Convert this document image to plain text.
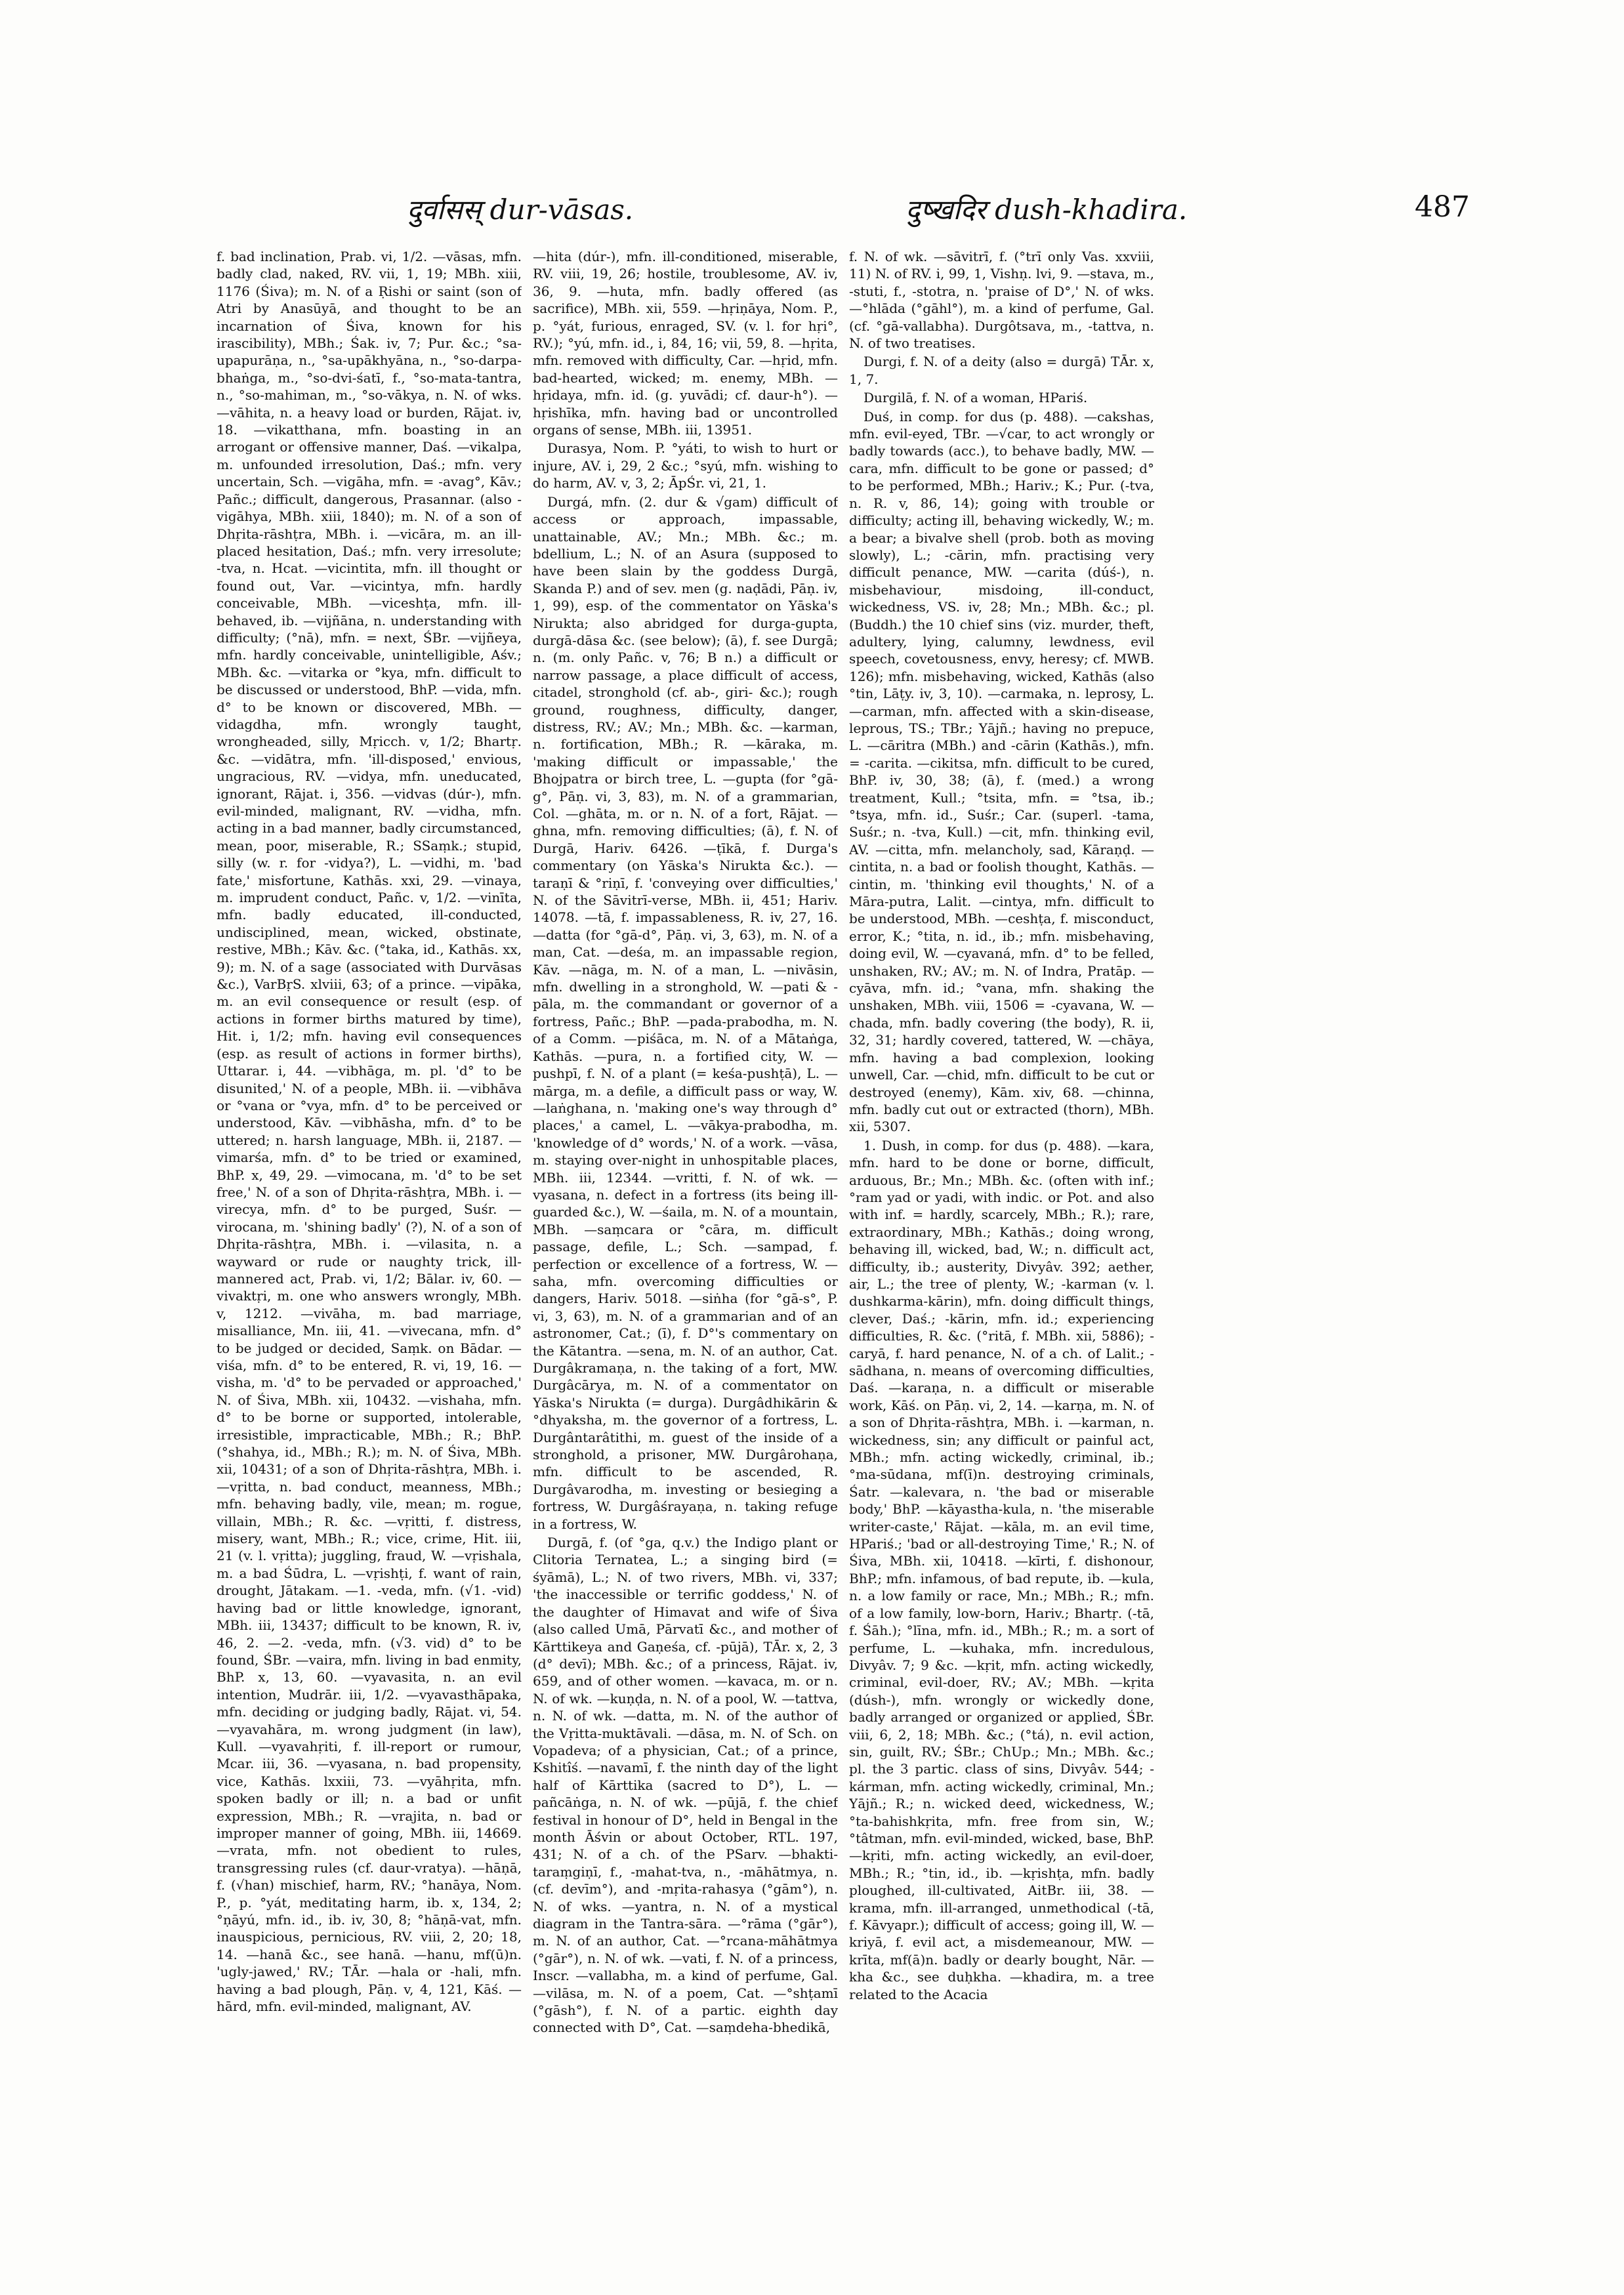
दुर्वासस् dur-vāsas.	दुष्खदिर dush-khadira.	487

f. bad inclination, Prab. vi, 1/2. —vāsas, mfn. badly clad, naked, RV. vii, 1, 19; MBh. xiii, 1176 (Śiva); m. N. of a Ṛishi or saint (son of Atri by Anasūyā, and thought to be an incarnation of Śiva, known for his irascibility), MBh.; Śak. iv, 7; Pur. &c.; °sa-upapurāṇa, n., °sa-upākhyāna, n., °so-darpa-bhaṅga, m., °so-dvi-śatī, f., °so-mata-tantra, n., °so-mahiman, m., °so-vākya, n. N. of wks. —vāhita, n. a heavy load or burden, Rājat. iv, 18. —vikatthana, mfn. boasting in an arrogant or offensive manner, Daś. —vikalpa, m. unfounded irresolution, Daś.; mfn. very uncertain, Sch. —vigāha, mfn. = -avag°, Kāv.; Pañc.; difficult, dangerous, Prasannar. (also -vigāhya, MBh. xiii, 1840); m. N. of a son of Dhṛita-rāshṭra, MBh. i. —vicāra, m. an ill-placed hesitation, Daś.; mfn. very irresolute; -tva, n. Hcat. —vicintita, mfn. ill thought or found out, Var. —vicintya, mfn. hardly conceivable, MBh. —viceshṭa, mfn. ill-behaved, ib. —vijñāna, n. understanding with difficulty; (°nā), mfn. = next, ŚBr. —vijñeya, mfn. hardly conceivable, unintelligible, Aśv.; MBh. &c. —vitarka or °kya, mfn. difficult to be discussed or understood, BhP. —vida, mfn. d° to be known or discovered, MBh. —vidagdha, mfn. wrongly taught, wrongheaded, silly, Mṛicch. v, 1/2; Bhartṛ. &c. —vidātra, mfn. 'ill-disposed,' envious, ungracious, RV. —vidya, mfn. uneducated, ignorant, Rājat. i, 356. —vidvas (dúr-), mfn. evil-minded, malignant, RV. —vidha, mfn. acting in a bad manner, badly circumstanced, mean, poor, miserable, R.; SSaṃk.; stupid, silly (w. r. for -vidya?), L. —vidhi, m. 'bad fate,' misfortune, Kathās. xxi, 29. —vinaya, m. imprudent conduct, Pañc. v, 1/2. —vinīta, mfn. badly educated, ill-conducted, undisciplined, mean, wicked, obstinate, restive, MBh.; Kāv. &c. (°taka, id., Kathās. xx, 9); m. N. of a sage (associated with Durvāsas &c.), VarBṛS. xlviii, 63; of a prince. —vipāka, m. an evil consequence or result (esp. of actions in former births matured by time), Hit. i, 1/2; mfn. having evil consequences (esp. as result of actions in former births), Uttarar. i, 44. —vibhāga, m. pl. 'd° to be disunited,' N. of a people, MBh. ii. —vibhāva or °vana or °vya, mfn. d° to be perceived or understood, Kāv. —vibhāsha, mfn. d° to be uttered; n. harsh language, MBh. ii, 2187. —vimarśa, mfn. d° to be tried or examined, BhP. x, 49, 29. —vimocana, m. 'd° to be set free,' N. of a son of Dhṛita-rāshṭra, MBh. i. —virecya, mfn. d° to be purged, Suśr. —virocana, m. 'shining badly' (?), N. of a son of Dhṛita-rāshṭra, MBh. i. —vilasita, n. a wayward or rude or naughty trick, ill-mannered act, Prab. vi, 1/2; Bālar. iv, 60. —vivaktṛi, m. one who answers wrongly, MBh. v, 1212. —vivāha, m. bad marriage, misalliance, Mn. iii, 41. —vivecana, mfn. d° to be judged or decided, Saṃk. on Bādar. —viśa, mfn. d° to be entered, R. vi, 19, 16. —visha, m. 'd° to be pervaded or approached,' N. of Śiva, MBh. xii, 10432. —vishaha, mfn. d° to be borne or supported, intolerable, irresistible, impracticable, MBh.; R.; BhP. (°shahya, id., MBh.; R.); m. N. of Śiva, MBh. xii, 10431; of a son of Dhṛita-rāshṭra, MBh. i. —vṛitta, n. bad conduct, meanness, MBh.; mfn. behaving badly, vile, mean; m. rogue, villain, MBh.; R. &c. —vṛitti, f. distress, misery, want, MBh.; R.; vice, crime, Hit. iii, 21 (v. l. vṛitta); juggling, fraud, W. —vṛishala, m. a bad Śūdra, L. —vṛishṭi, f. want of rain, drought, Jātakam. —1. -veda, mfn. (√1. -vid) having bad or little knowledge, ignorant, MBh. iii, 13437; difficult to be known, R. iv, 46, 2. —2. -veda, mfn. (√3. vid) d° to be found, ŚBr. —vaira, mfn. living in bad enmity, BhP. x, 13, 60. —vyavasita, n. an evil intention, Mudrār. iii, 1/2. —vyavasthāpaka, mfn. deciding or judging badly, Rājat. vi, 54. —vyavahāra, m. wrong judgment (in law), Kull. —vyavahṛiti, f. ill-report or rumour, Mcar. iii, 36. —vyasana, n. bad propensity, vice, Kathās. lxxiii, 73. —vyāhṛita, mfn. spoken badly or ill; n. a bad or unfit expression, MBh.; R. —vrajita, n. bad or improper manner of going, MBh. iii, 14669. —vrata, mfn. not obedient to rules, transgressing rules (cf. daur-vratya). —hāṇā, f. (√han) mischief, harm, RV.; °hanāya, Nom. P., p. °yát, meditating harm, ib. x, 134, 2; °ṇāyú, mfn. id., ib. iv, 30, 8; °hāṇā-vat, mfn. inauspicious, pernicious, RV. viii, 2, 20; 18, 14. —hanā &c., see hanā. —hanu, mf(ū)n. 'ugly-jawed,' RV.; TĀr. —hala or -hali, mfn. having a bad plough, Pāṇ. v, 4, 121, Kāś. —hārd, mfn. evil-minded, malignant, AV.

—hita (dúr-), mfn. ill-conditioned, miserable, RV. viii, 19, 26; hostile, troublesome, AV. iv, 36, 9. —huta, mfn. badly offered (as sacrifice), MBh. xii, 559. —hṛiṇāya, Nom. P., p. °yát, furious, enraged, SV. (v. l. for hṛi°, RV.); °yú, mfn. id., i, 84, 16; vii, 59, 8. —hṛita, mfn. removed with difficulty, Car. —hṛid, mfn. bad-hearted, wicked; m. enemy, MBh. —hṛidaya, mfn. id. (g. yuvādi; cf. daur-h°). —hṛishīka, mfn. having bad or uncontrolled organs of sense, MBh. iii, 13951.

Durasya, Nom. P. °yáti, to wish to hurt or injure, AV. i, 29, 2 &c.; °syú, mfn. wishing to do harm, AV. v, 3, 2; ĀpŚr. vi, 21, 1.

Durgá, mfn. (2. dur & √gam) difficult of access or approach, impassable, unattainable, AV.; Mn.; MBh. &c.; m. bdellium, L.; N. of an Asura (supposed to have been slain by the goddess Durgā, Skanda P.) and of sev. men (g. naḍādi, Pāṇ. iv, 1, 99), esp. of the commentator on Yāska's Nirukta; also abridged for durga-gupta, durgā-dāsa &c. (see below); (ā), f. see Durgā; n. (m. only Pañc. v, 76; B n.) a difficult or narrow passage, a place difficult of access, citadel, stronghold (cf. ab-, giri- &c.); rough ground, roughness, difficulty, danger, distress, RV.; AV.; Mn.; MBh. &c. —karman, n. fortification, MBh.; R. —kāraka, m. 'making difficult or impassable,' the Bhojpatra or birch tree, L. —gupta (for °gā-g°, Pāṇ. vi, 3, 83), m. N. of a grammarian, Col. —ghāta, m. or n. N. of a fort, Rājat. —ghna, mfn. removing difficulties; (ā), f. N. of Durgā, Hariv. 6426. —ṭīkā, f. Durga's commentary (on Yāska's Nirukta &c.). —taraṇī & °riṇī, f. 'conveying over difficulties,' N. of the Sāvitrī-verse, MBh. ii, 451; Hariv. 14078. —tā, f. impassableness, R. iv, 27, 16. —datta (for °gā-d°, Pāṇ. vi, 3, 63), m. N. of a man, Cat. —deśa, m. an impassable region, Kāv. —nāga, m. N. of a man, L. —nivāsin, mfn. dwelling in a stronghold, W. —pati & -pāla, m. the commandant or governor of a fortress, Pañc.; BhP. —pada-prabodha, m. N. of a Comm. —piśāca, m. N. of a Mātaṅga, Kathās. —pura, n. a fortified city, W. —pushpī, f. N. of a plant (= keśa-pushṭā), L. —mārga, m. a defile, a difficult pass or way, W. —laṅghana, n. 'making one's way through d° places,' a camel, L. —vākya-prabodha, m. 'knowledge of d° words,' N. of a work. —vāsa, m. staying over-night in unhospitable places, MBh. iii, 12344. —vritti, f. N. of wk. —vyasana, n. defect in a fortress (its being ill-guarded &c.), W. —śaila, m. N. of a mountain, MBh. —saṃcara or °cāra, m. difficult passage, defile, L.; Sch. —sampad, f. perfection or excellence of a fortress, W. —saha, mfn. overcoming difficulties or dangers, Hariv. 5018. —siṅha (for °gā-s°, P. vi, 3, 63), m. N. of a grammarian and of an astronomer, Cat.; (ī), f. D°'s commentary on the Kātantra. —sena, m. N. of an author, Cat. Durgâkramaṇa, n. the taking of a fort, MW. Durgâcārya, m. N. of a commentator on Yāska's Nirukta (= durga). Durgâdhikārin & °dhyaksha, m. the governor of a fortress, L. Durgântarâtithi, m. guest of the inside of a stronghold, a prisoner, MW. Durgârohaṇa, mfn. difficult to be ascended, R. Durgâvarodha, m. investing or besieging a fortress, W. Durgâśrayaṇa, n. taking refuge in a fortress, W.

Durgā, f. (of °ga, q.v.) the Indigo plant or Clitoria Ternatea, L.; a singing bird (= śyāmā), L.; N. of two rivers, MBh. vi, 337; 'the inaccessible or terrific goddess,' N. of the daughter of Himavat and wife of Śiva (also called Umā, Pārvatī &c., and mother of Kārttikeya and Gaṇeśa, cf. -pūjā), TĀr. x, 2, 3 (d° devī); MBh. &c.; of a princess, Rājat. iv, 659, and of other women. —kavaca, m. or n. N. of wk. —kuṇḍa, n. N. of a pool, W. —tattva, n. N. of wk. —datta, m. N. of the author of the Vṛitta-muktāvali. —dāsa, m. N. of Sch. on Vopadeva; of a physician, Cat.; of a prince, Kshitîś. —navamī, f. the ninth day of the light half of Kārttika (sacred to D°), L. —pañcāṅga, n. N. of wk. —pūjā, f. the chief festival in honour of D°, held in Bengal in the month Āśvin or about October, RTL. 197, 431; N. of a ch. of the PSarv. —bhakti-taraṃgiṇī, f., -mahat-tva, n., -māhātmya, n. (cf. devīm°), and -mṛita-rahasya (°gām°), n. N. of wks. —yantra, n. N. of a mystical diagram in the Tantra-sāra. —°rāma (°gār°), m. N. of an author, Cat. —°rcana-māhātmya (°gār°), n. N. of wk. —vati, f. N. of a princess, Inscr. —vallabha, m. a kind of perfume, Gal. —vilāsa, m. N. of a poem, Cat. —°shṭamī (°gāsh°), f. N. of a partic. eighth day connected with D°, Cat. —saṃdeha-bhedikā,

f. N. of wk. —sāvitrī, f. (°trī only Vas. xxviii, 11) N. of RV. i, 99, 1, Vishṇ. lvi, 9. —stava, m., -stuti, f., -stotra, n. 'praise of D°,' N. of wks. —°hlāda (°gāhl°), m. a kind of perfume, Gal. (cf. °gā-vallabha). Durgôtsava, m., -tattva, n. N. of two treatises.

Durgi, f. N. of a deity (also = durgā) TĀr. x, 1, 7.

Durgilā, f. N. of a woman, HPariś.

Duś, in comp. for dus (p. 488). —cakshas, mfn. evil-eyed, TBr. —√car, to act wrongly or badly towards (acc.), to behave badly, MW. —cara, mfn. difficult to be gone or passed; d° to be performed, MBh.; Hariv.; K.; Pur. (-tva, n. R. v, 86, 14); going with trouble or difficulty; acting ill, behaving wickedly, W.; m. a bear; a bivalve shell (prob. both as moving slowly), L.; -cārin, mfn. practising very difficult penance, MW. —carita (dúś-), n. misbehaviour, misdoing, ill-conduct, wickedness, VS. iv, 28; Mn.; MBh. &c.; pl. (Buddh.) the 10 chief sins (viz. murder, theft, adultery, lying, calumny, lewdness, evil speech, covetousness, envy, heresy; cf. MWB. 126); mfn. misbehaving, wicked, Kathās (also °tin, Lāṭy. iv, 3, 10). —carmaka, n. leprosy, L. —carman, mfn. affected with a skin-disease, leprous, TS.; TBr.; Yājñ.; having no prepuce, L. —cāritra (MBh.) and -cārin (Kathās.), mfn. = -carita. —cikitsa, mfn. difficult to be cured, BhP. iv, 30, 38; (ā), f. (med.) a wrong treatment, Kull.; °tsita, mfn. = °tsa, ib.; °tsya, mfn. id., Suśr.; Car. (superl. -tama, Suśr.; n. -tva, Kull.) —cit, mfn. thinking evil, AV. —citta, mfn. melancholy, sad, Kāraṇḍ. —cintita, n. a bad or foolish thought, Kathās. —cintin, m. 'thinking evil thoughts,' N. of a Māra-putra, Lalit. —cintya, mfn. difficult to be understood, MBh. —ceshṭa, f. misconduct, error, K.; °tita, n. id., ib.; mfn. misbehaving, doing evil, W. —cyavaná, mfn. d° to be felled, unshaken, RV.; AV.; m. N. of Indra, Pratāp. —cyāva, mfn. id.; °vana, mfn. shaking the unshaken, MBh. viii, 1506 = -cyavana, W. —chada, mfn. badly covering (the body), R. ii, 32, 31; hardly covered, tattered, W. —chāya, mfn. having a bad complexion, looking unwell, Car. —chid, mfn. difficult to be cut or destroyed (enemy), Kām. xiv, 68. —chinna, mfn. badly cut out or extracted (thorn), MBh. xii, 5307.

1. Dush, in comp. for dus (p. 488). —kara, mfn. hard to be done or borne, difficult, arduous, Br.; Mn.; MBh. &c. (often with inf.; °ram yad or yadi, with indic. or Pot. and also with inf. = hardly, scarcely, MBh.; R.); rare, extraordinary, MBh.; Kathās.; doing wrong, behaving ill, wicked, bad, W.; n. difficult act, difficulty, ib.; austerity, Divyâv. 392; aether, air, L.; the tree of plenty, W.; -karman (v. l. dushkarma-kārin), mfn. doing difficult things, clever, Daś.; -kārin, mfn. id.; experiencing difficulties, R. &c. (°ritā, f. MBh. xii, 5886); -caryā, f. hard penance, N. of a ch. of Lalit.; -sādhana, n. means of overcoming difficulties, Daś. —karaṇa, n. a difficult or miserable work, Kāś. on Pāṇ. vi, 2, 14. —karṇa, m. N. of a son of Dhṛita-rāshṭra, MBh. i. —karman, n. wickedness, sin; any difficult or painful act, MBh.; mfn. acting wickedly, criminal, ib.; °ma-sūdana, mf(ī)n. destroying criminals, Śatr. —kalevara, n. 'the bad or miserable body,' BhP. —kāyastha-kula, n. 'the miserable writer-caste,' Rājat. —kāla, m. an evil time, HPariś.; 'bad or all-destroying Time,' R.; N. of Śiva, MBh. xii, 10418. —kīrti, f. dishonour, BhP.; mfn. infamous, of bad repute, ib. —kula, n. a low family or race, Mn.; MBh.; R.; mfn. of a low family, low-born, Hariv.; Bhartṛ. (-tā, f. Śāh.); °līna, mfn. id., MBh.; R.; m. a sort of perfume, L. —kuhaka, mfn. incredulous, Divyâv. 7; 9 &c. —kṛit, mfn. acting wickedly, criminal, evil-doer, RV.; AV.; MBh. —kṛita (dúsh-), mfn. wrongly or wickedly done, badly arranged or organized or applied, ŚBr. viii, 6, 2, 18; MBh. &c.; (°tá), n. evil action, sin, guilt, RV.; ŚBr.; ChUp.; Mn.; MBh. &c.; pl. the 3 partic. class of sins, Divyâv. 544; -kárman, mfn. acting wickedly, criminal, Mn.; Yājñ.; R.; n. wicked deed, wickedness, W.; °ta-bahishkṛita, mfn. free from sin, W.; °tâtman, mfn. evil-minded, wicked, base, BhP. —kṛiti, mfn. acting wickedly, an evil-doer, MBh.; R.; °tin, id., ib. —kṛishṭa, mfn. badly ploughed, ill-cultivated, AitBr. iii, 38. —krama, mfn. ill-arranged, unmethodical (-tā, f. Kāvyapr.); difficult of access; going ill, W. —kriyā, f. evil act, a misdemeanour, MW. —krīta, mf(ā)n. badly or dearly bought, Nār. —kha &c., see duḥkha. —khadira, m. a tree related to the Acacia
